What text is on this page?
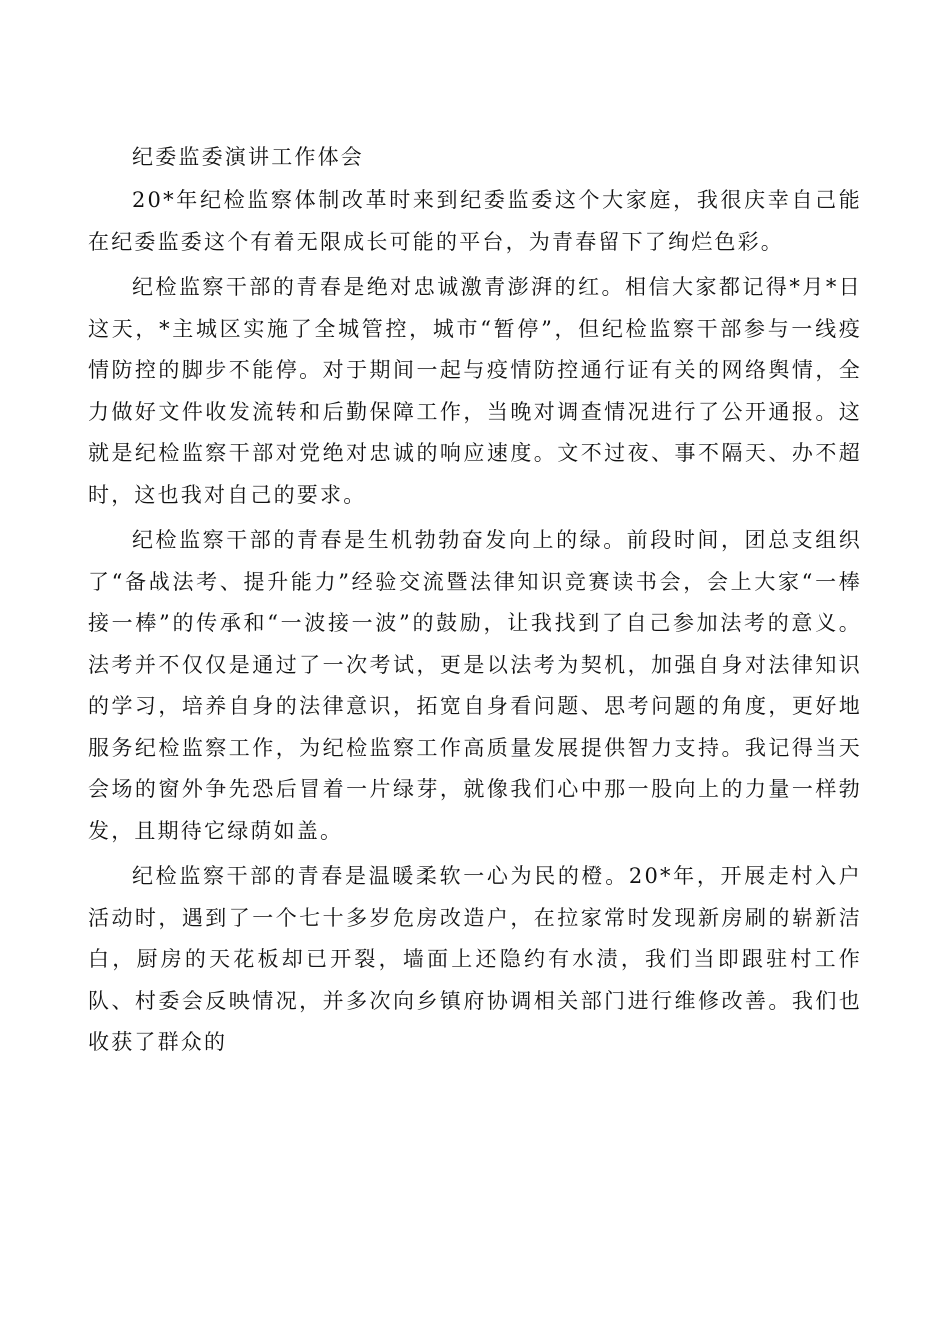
纪委监委演讲工作体会

20*年纪检监察体制改革时来到纪委监委这个大家庭，我很庆幸自己能在纪委监委这个有着无限成长可能的平台，为青春留下了绚烂色彩。

纪检监察干部的青春是绝对忠诚激青澎湃的红。相信大家都记得*月*日这天，*主城区实施了全城管控，城市“暂停”，但纪检监察干部参与一线疫情防控的脚步不能停。对于期间一起与疫情防控通行证有关的网络舆情，全力做好文件收发流转和后勤保障工作，当晚对调查情况进行了公开通报。这就是纪检监察干部对党绝对忠诚的响应速度。文不过夜、事不隔天、办不超时，这也我对自己的要求。

纪检监察干部的青春是生机勃勃奋发向上的绿。前段时间，团总支组织了“备战法考、提升能力”经验交流暨法律知识竞赛读书会，会上大家“一棒接一棒”的传承和“一波接一波”的鼓励，让我找到了自己参加法考的意义。法考并不仅仅是通过了一次考试，更是以法考为契机，加强自身对法律知识的学习，培养自身的法律意识，拓宽自身看问题、思考问题的角度，更好地服务纪检监察工作，为纪检监察工作高质量发展提供智力支持。我记得当天会场的窗外争先恐后冒着一片绿芽，就像我们心中那一股向上的力量一样勃发，且期待它绿荫如盖。

纪检监察干部的青春是温暖柔软一心为民的橙。20*年，开展走村入户活动时，遇到了一个七十多岁危房改造户，在拉家常时发现新房刷的崭新洁白，厨房的天花板却已开裂，墙面上还隐约有水渍，我们当即跟驻村工作队、村委会反映情况，并多次向乡镇府协调相关部门进行维修改善。我们也收获了群众的
